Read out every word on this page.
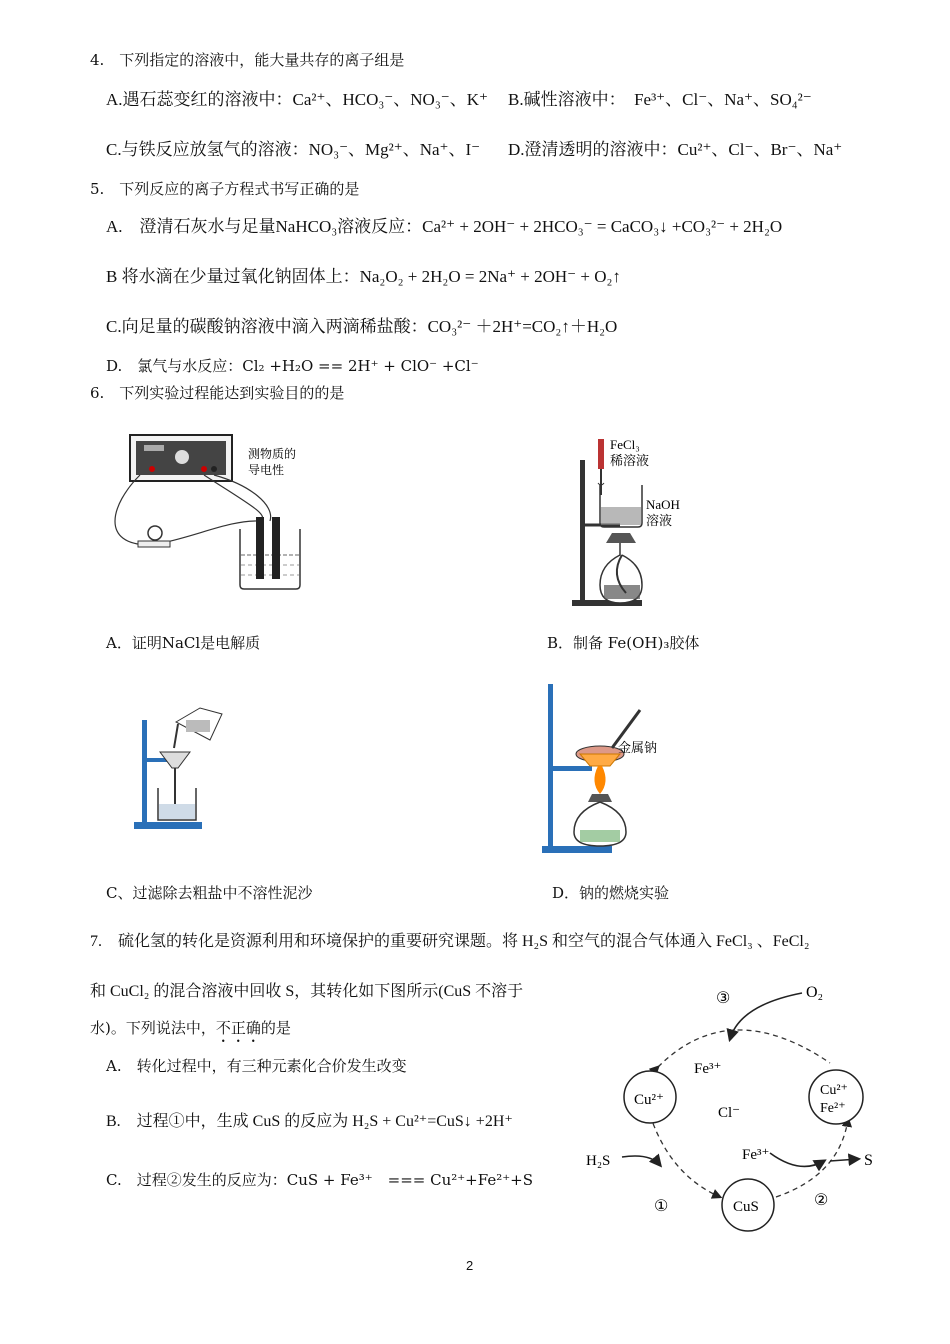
4.　下列指定的溶液中，能大量共存的离子组是
A.遇石蕊变红的溶液中：Ca²⁺、HCO₃⁻、NO₃⁻、K⁺ B.碱性溶液中：　Fe³⁺、Cl⁻、Na⁺、SO₄²⁻
C.与铁反应放氢气的溶液：NO₃⁻、Mg²⁺、Na⁺、I⁻ D.澄清透明的溶液中：Cu²⁺、Cl⁻、Br⁻、Na⁺
5.　下列反应的离子方程式书写正确的是
A.　澄清石灰水与足量NaHCO₃溶液反应：Ca²⁺ + 2OH⁻ + 2HCO₃⁻ = CaCO₃↓ +CO₃²⁻ + 2H₂O
B 将水滴在少量过氧化钠固体上：Na₂O₂ + 2H₂O = 2Na⁺ + 2OH⁻ + O₂↑
C.向足量的碳酸钠溶液中滴入两滴稀盐酸：CO₃²⁻ ＋2H⁺=CO₂↑＋H₂O
D.　氯气与水反应：Cl₂ +H₂O == 2H⁺ + ClO⁻ +Cl⁻
6.　下列实验过程能达到实验目的的是
测物质的
导电性
FeCl₃
稀溶液
NaOH
溶液
A．证明NaCl是电解质	B．制备 Fe(OH)₃胶体
金属钠
C、过滤除去粗盐中不溶性泥沙	D．钠的燃烧实验
7.　硫化氢的转化是资源利用和环境保护的重要研究课题。将 H₂S 和空气的混合气体通入 FeCl₃ 、FeCl₂
和 CuCl₂ 的混合溶液中回收 S，其转化如下图所示(CuS 不溶于
水)。下列说法中，不正确的是
A.　转化过程中，有三种元素化合价发生改变
B.　过程①中，生成 CuS 的反应为 H₂S + Cu²⁺=CuS↓ +2H⁺
C.　过程②发生的反应为：CuS + Fe³⁺　=== Cu²⁺+Fe²⁺+S
O₂
③
Fe³⁺
Cu²⁺
Cl⁻
Cu²⁺
Fe²⁺
H₂S	Fe³⁺	S
①	CuS	②
2
